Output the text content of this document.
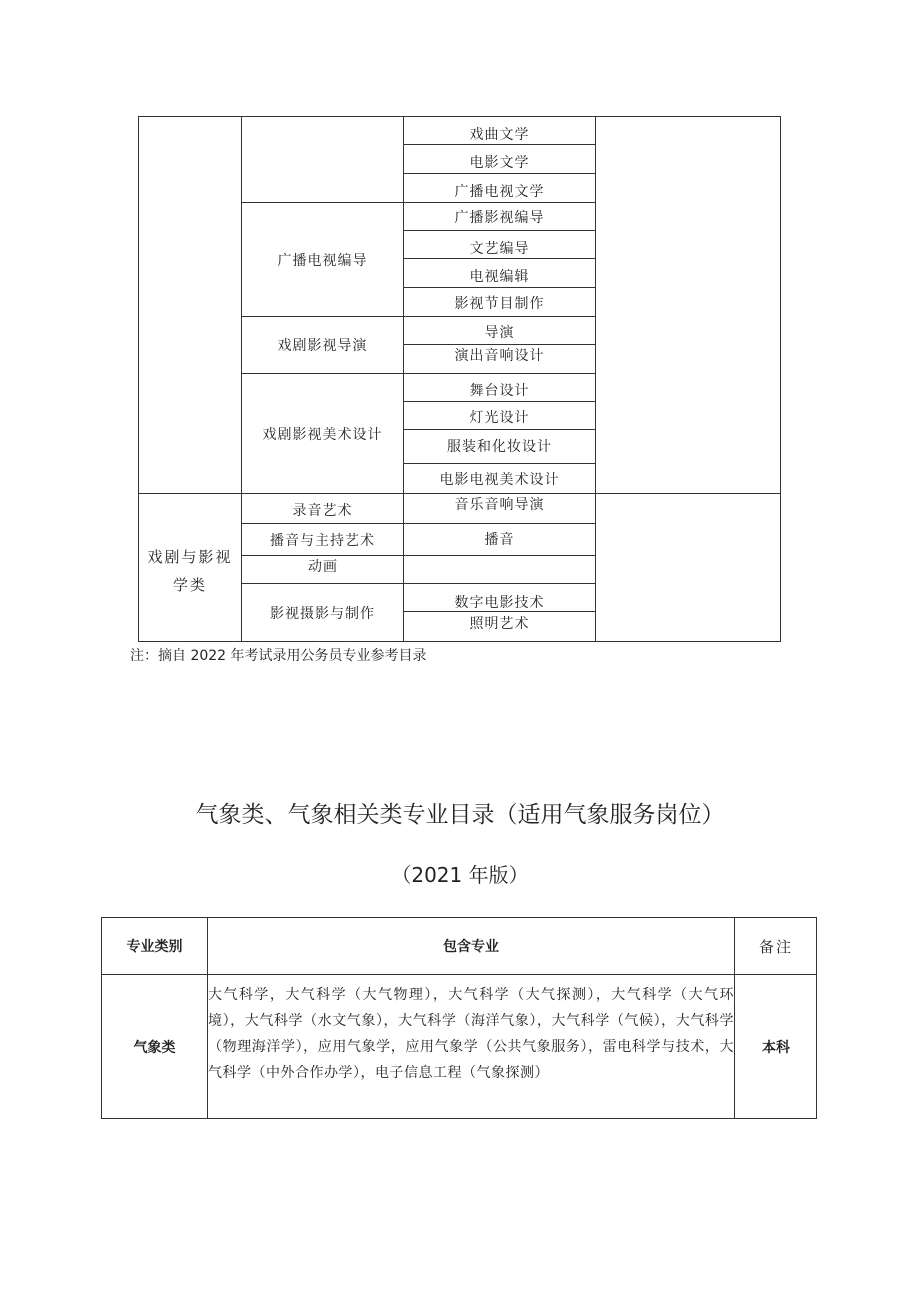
戏剧与影视
学类
广播电视编导
戏剧影视导演
戏剧影视美术设计
录音艺术
播音与主持艺术
动画
影视摄影与制作
戏曲文学
电影文学
广播电视文学
广播影视编导
文艺编导
电视编辑
影视节目制作
导演
演出音响设计
舞台设计
灯光设计
服装和化妆设计
电影电视美术设计
音乐音响导演
播音
数字电影技术
照明艺术
注：摘自 2022 年考试录用公务员专业参考目录
气象类、气象相关类专业目录（适用气象服务岗位）
（2021 年版）
专业类别	包含专业	备注
气象类
大气科学，大气科学（大气物理），大气科学（大气探测），大气科学（大气环境），大气科学（水文气象），大气科学（海洋气象），大气科学（气候），大气科学（物理海洋学），应用气象学，应用气象学（公共气象服务），雷电科学与技术，大气科学（中外合作办学），电子信息工程（气象探测）
本科
